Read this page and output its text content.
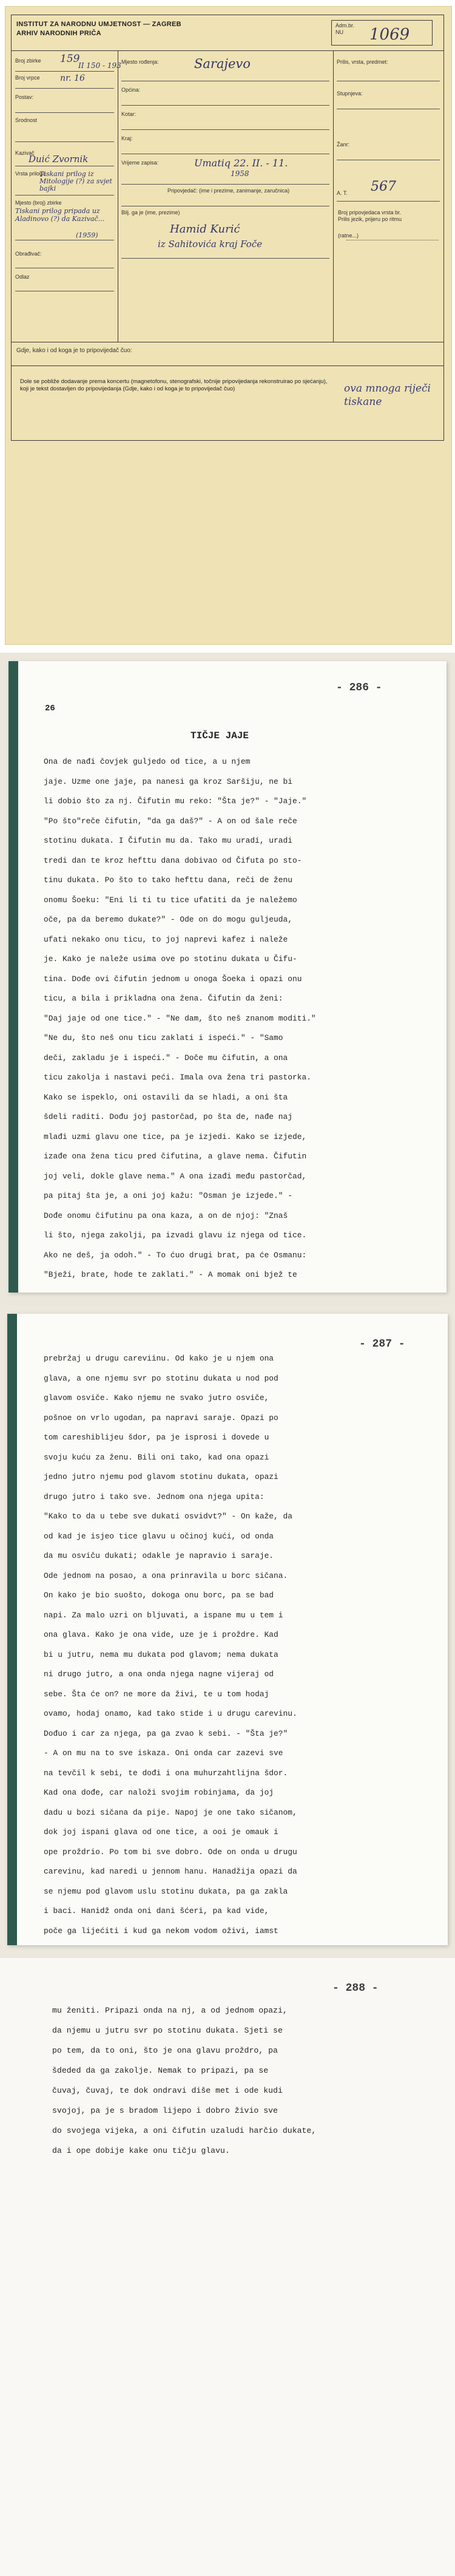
INSTITUT ZA NARODNU UMJETNOST — ZAGREB
ARHIV NARODNIH PRIČA
Adm.br.
NU	1069
Broj zbirke 159
II 150 - 193
Broj vrpce nr. 16
Postav:
Srodnost
Kazivač
Duić Zvornik
Vrsta priloga
Tiskani prilog iz Mitologije (?) za svjet bajki
Mjesto (broj) zbirke
Tiskani prilog pripada uz Aladinovo (?) da Kazivač...
(1959)
Obrađivač:
Odlaz
Mjesto rođenja:	Sarajevo
Općina:
Kotar:
Kraj:
Vrijeme zapisa:	Umatiq 22. II. - 11.
1958
Pripovjedač: (ime i prezime, zanimanje, zaručnica)
Bilj. ga je (ime, prezime)
Hamid Kurić
iz Sahitovića kraj Foče
Prilis, vrsta, predmet:
Stupnjeva:
Žanr:
A. T. 567
Broj pripovjedaca vrsta br.
Prilis jezik, prijeru po ritmu
(ratne...)
Gdje, kako i od koga je to pripovijedač čuo:
Dole se pobliže dodavanje prema koncertu (magnetofonu, stenografski, točnije pripovijedanja rekonstruirao po sjećanju), koji je tekst dostavljen do pripovijedanja (Gdje, kako i od koga je to pripovijedač čuo)	ova mnoga riječi tiskane
- 286 -
26
TIČJE JAJE
Ona de nađi čovjek guljedo od tice, a u njem
jaje. Uzme one jaje, pa nanesi ga kroz Saršiju, ne bi
li dobio što za nj. Čifutin mu reko: "Šta je?" - "Jaje."
"Po što"reče čifutin, "da ga daš?" - A on od šale reče
stotinu dukata. I Čifutin mu da. Tako mu uradi, uradi
tredi dan te kroz hefttu dana dobivao od Čifuta po sto-
tinu dukata. Po što to tako hefttu dana, reči de ženu
onomu Šoeku: "Eni li ti tu tice ufatiti da je naležemo
oče, pa da beremo dukate?" - Ode on do mogu guljeuda,
ufati nekako onu ticu, to joj naprevi kafez i naleže
je. Kako je naleže usima ove po stotinu dukata u Čifu-
tina. Dođe ovi čifutin jednom u onoga Šoeka i opazi onu
ticu, a bila i prikladna ona žena. Čifutin da ženi:
"Daj jaje od one tice." - "Ne dam, što neš znanom moditi."
"Ne du, što neš onu ticu zaklati i ispeći." - "Samo
deči, zakladu je i ispeći." - Doče mu čifutin, a ona
ticu zakolja i nastavi peći. Imala ova žena tri pastorka.
Kako se ispeklo, oni ostavili da se hladi, a oni šta
šdeli raditi. Dođu joj pastorčad, po šta de, nađe naj
mlađi uzmi glavu one tice, pa je izjedi. Kako se izjede,
izađe ona žena ticu pred čifutina, a glave nema. Čifutin
joj veli, dokle glave nema." A ona izađi među pastorčad,
pa pitaj šta je, a oni joj kažu: "Osman je izjede." -
Dođe onomu čifutinu pa ona kaza, a on de njoj: "Znaš
li što, njega zakolji, pa izvadi glavu iz njega od tice.
Ako ne deš, ja odoh." - To ćuo drugi brat, pa će Osmanu:
"Bježi, brate, hode te zaklati." - A momak oni bjež te
- 287 -
prebržaj u drugu careviinu. Od kako je u njem ona
glava, a one njemu svr po stotinu dukata u nod pod
glavom osviče. Kako njemu ne svako jutro osviče,
pošnoe on vrlo ugodan, pa napravi saraje. Opazi po
tom careshiblijeu šdor, pa je isprosi i dovede u
svoju kuću za ženu. Bili oni tako, kad ona opazi
jedno jutro njemu pod glavom stotinu dukata, opazi
drugo jutro i tako sve. Jednom ona njega upita:
"Kako to da u tebe sve dukati osvidvt?" - On kaže, da
od kad je isjeo tice glavu u očinoj kući, od onda
da mu osviču dukati; odakle je napravio i saraje.
Ode jednom na posao, a ona prinravila u borc sičana.
On kako je bio suošto, dokoga onu borc, pa se bad
napi. Za malo uzri on bljuvati, a ispane mu u tem i
ona glava. Kako je ona vide, uze je i proždre. Kad
bi u jutru, nema mu dukata pod glavom; nema dukata
ni drugo jutro, a ona onda njega nagne vijeraj od
sebe. Šta će on? ne more da živi, te u tom hodaj
ovamo, hodaj onamo, kad tako stide i u drugu carevinu.
Dođuo i car za njega, pa ga zvao k sebi. - "Šta je?"
- A on mu na to sve iskaza. Oni onda car zazevi sve
na tevčil k sebi, te dođi i ona muhurzahtlijna šdor.
Kad ona dođe, car naloži svojim robinjama, da joj
dadu u bozi sičana da pije. Napoj je one tako sičanom,
dok joj ispani glava od one tice, a ooi je omauk i
ope proždrio. Po tom bi sve dobro. Ode on onda u drugu
carevinu, kad naredi u jennom hanu. Hanadžija opazi da
se njemu pod glavom uslu stotinu dukata, pa ga zakla
i baci. Hanidž onda oni dani šćeri, pa kad vide,
poče ga lijećiti i kud ga nekom vodom oživi, iamst
- 288 -
mu ženiti. Pripazi onda na nj, a od jednom opazi,
da njemu u jutru svr po stotinu dukata. Sjeti se
po tem, da to oni, što je ona glavu proždro, pa
šdeded da ga zakolje. Nemak to pripazi, pa se
čuvaj, čuvaj, te dok ondravi diše met i ode kudi
svojoj, pa je s bradom lijepo i dobro živio sve
do svojega vijeka, a oni čifutin uzaludi harčio dukate,
da i ope dobije kake onu tičju glavu.
